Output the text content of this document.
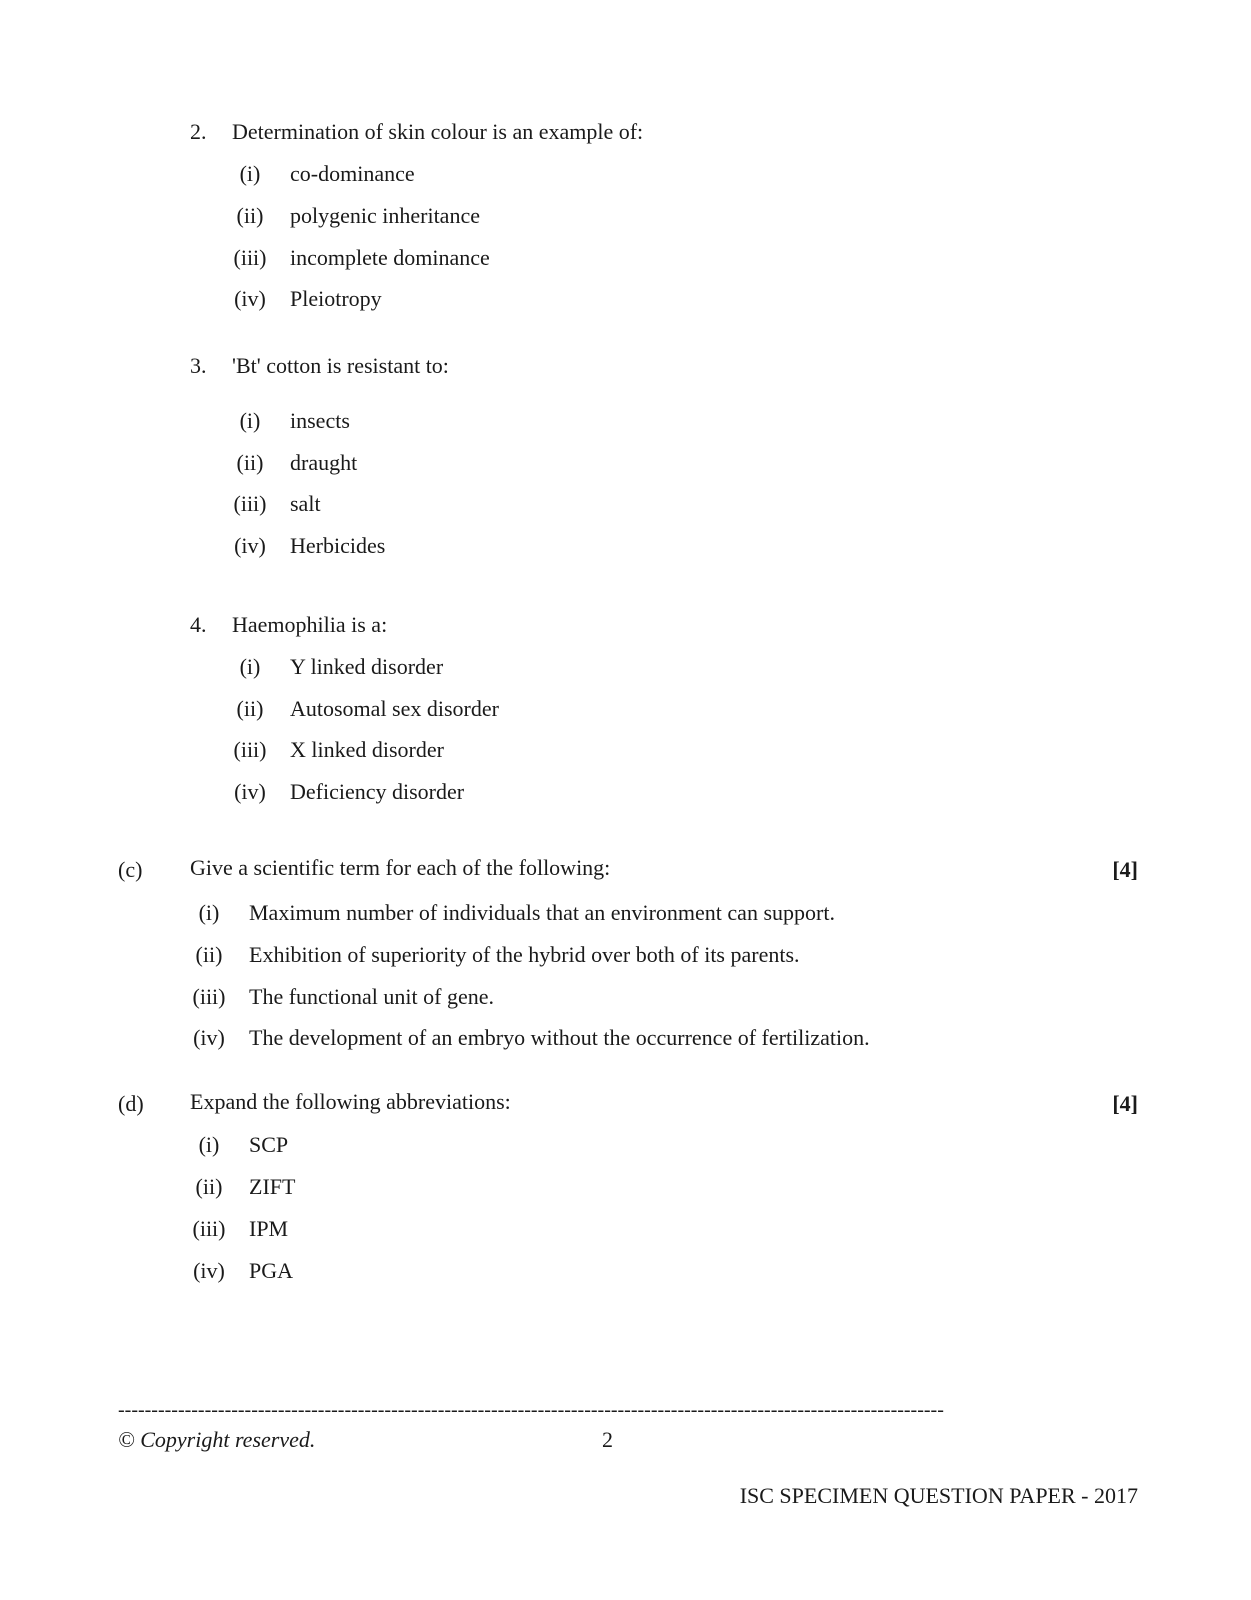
2. Determination of skin colour is an example of:
(i)	co-dominance
(ii) polygenic inheritance
(iii) incomplete dominance
(iv) Pleiotropy
3. 'Bt' cotton is resistant to:
(i)	insects
(ii) draught
(iii) salt
(iv) Herbicides
4. Haemophilia is a:
(i)	Y linked disorder
(ii) Autosomal sex disorder
(iii) X linked disorder
(iv) Deficiency disorder
(c) Give a scientific term for each of the following:	[4]
(i)	Maximum number of individuals that an environment can support.
(ii) Exhibition of superiority of the hybrid over both of its parents.
(iii) The functional unit of gene.
(iv) The development of an embryo without the occurrence of fertilization.
(d) Expand the following abbreviations:	[4]
(i)	SCP
(ii) ZIFT
(iii) IPM
(iv) PGA
----------------------------------------------------------------------------------------------------------------------------
© Copyright reserved.	2
ISC SPECIMEN QUESTION PAPER - 2017
